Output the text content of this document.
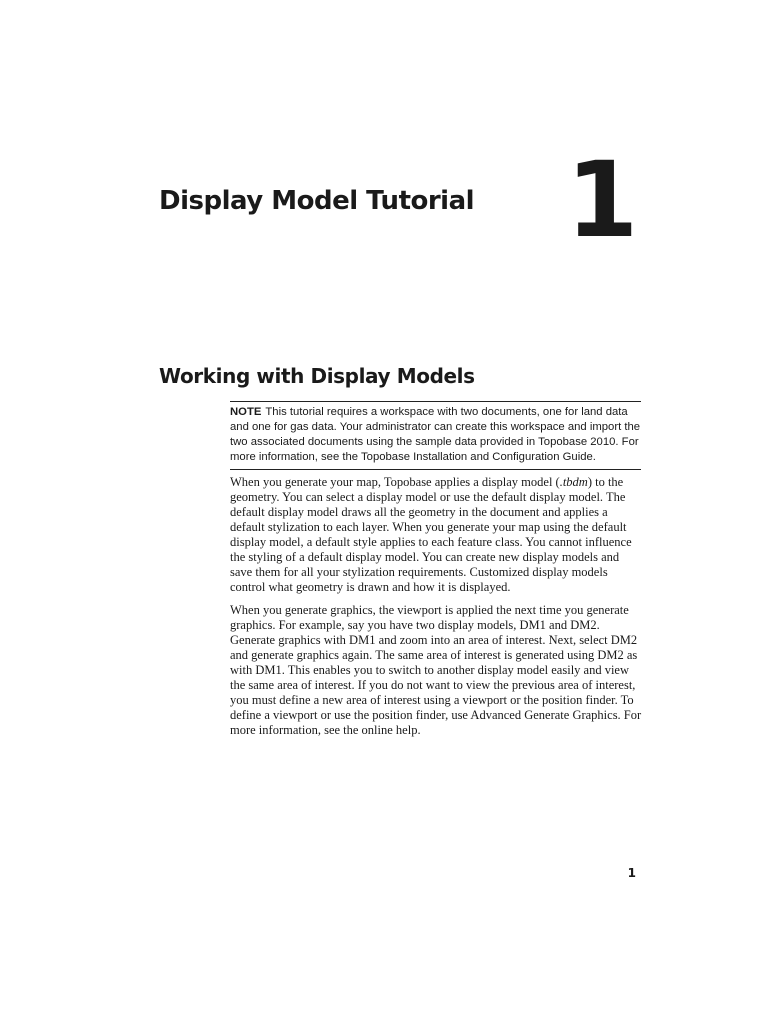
Display Model Tutorial 1
Working with Display Models
NOTE This tutorial requires a workspace with two documents, one for land data and one for gas data. Your administrator can create this workspace and import the two associated documents using the sample data provided in Topobase 2010. For more information, see the Topobase Installation and Configuration Guide.

When you generate your map, Topobase applies a display model (.tbdm) to the geometry. You can select a display model or use the default display model. The default display model draws all the geometry in the document and applies a default stylization to each layer. When you generate your map using the default display model, a default style applies to each feature class. You cannot influence the styling of a default display model. You can create new display models and save them for all your stylization requirements. Customized display models control what geometry is drawn and how it is displayed.

When you generate graphics, the viewport is applied the next time you generate graphics. For example, say you have two display models, DM1 and DM2. Generate graphics with DM1 and zoom into an area of interest. Next, select DM2 and generate graphics again. The same area of interest is generated using DM2 as with DM1. This enables you to switch to another display model easily and view the same area of interest. If you do not want to view the previous area of interest, you must define a new area of interest using a viewport or the position finder. To define a viewport or use the position finder, use Advanced Generate Graphics. For more information, see the online help.

1
